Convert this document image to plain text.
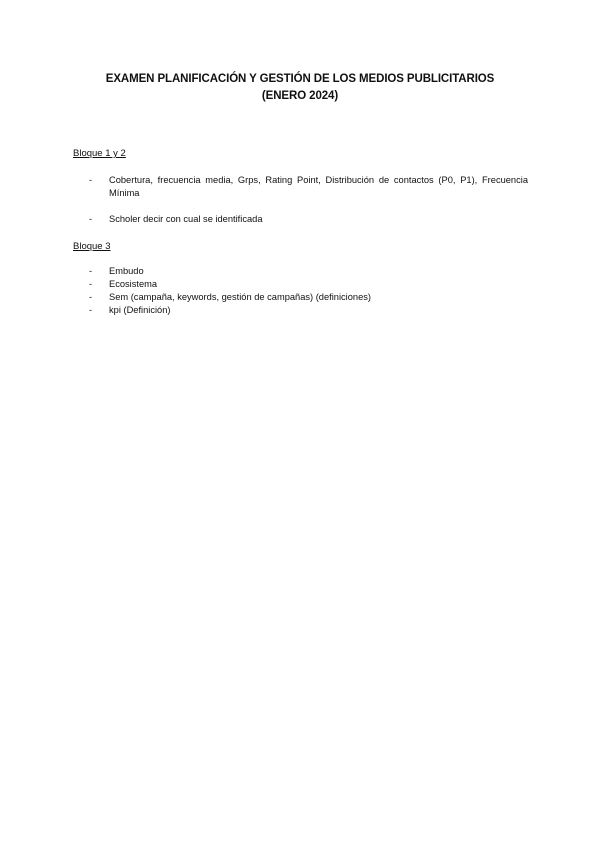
EXAMEN PLANIFICACIÓN Y GESTIÓN DE LOS MEDIOS PUBLICITARIOS
(ENERO 2024)
Bloque 1 y 2
-	Cobertura, frecuencia media, Grps, Rating Point, Distribución de contactos (P0, P1), Frecuencia Mínima
-	Scholer decir con cual se identificada
Bloque 3
-	Embudo
-	Ecosistema
-	Sem (campaña, keywords, gestión de campañas) (definiciones)
-	kpi (Definición)
